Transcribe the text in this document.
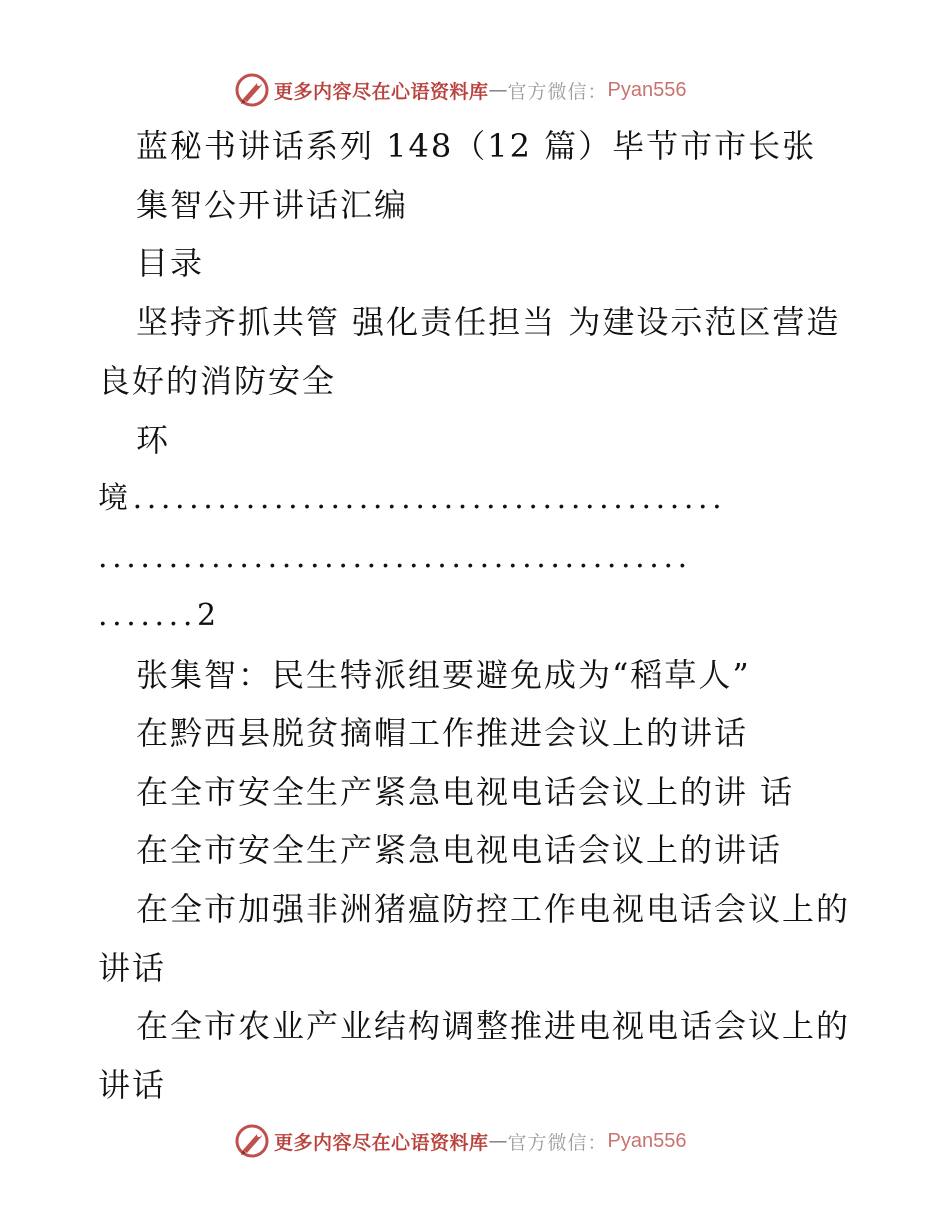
更多内容尽在心语资料库 — 官方微信： Pyan556
蓝秘书讲话系列 148（12 篇）毕节市市长张
集智公开讲话汇编
目录
坚持齐抓共管 强化责任担当 为建设示范区营造
良好的消防安全
环
境..........................................
..........................................
.......2
张集智：民生特派组要避免成为“稻草人”
在黔西县脱贫摘帽工作推进会议上的讲话
在全市安全生产紧急电视电话会议上的讲 话
在全市安全生产紧急电视电话会议上的讲话
在全市加强非洲猪瘟防控工作电视电话会议上的
讲话
在全市农业产业结构调整推进电视电话会议上的
讲话
更多内容尽在心语资料库 — 官方微信： Pyan556
